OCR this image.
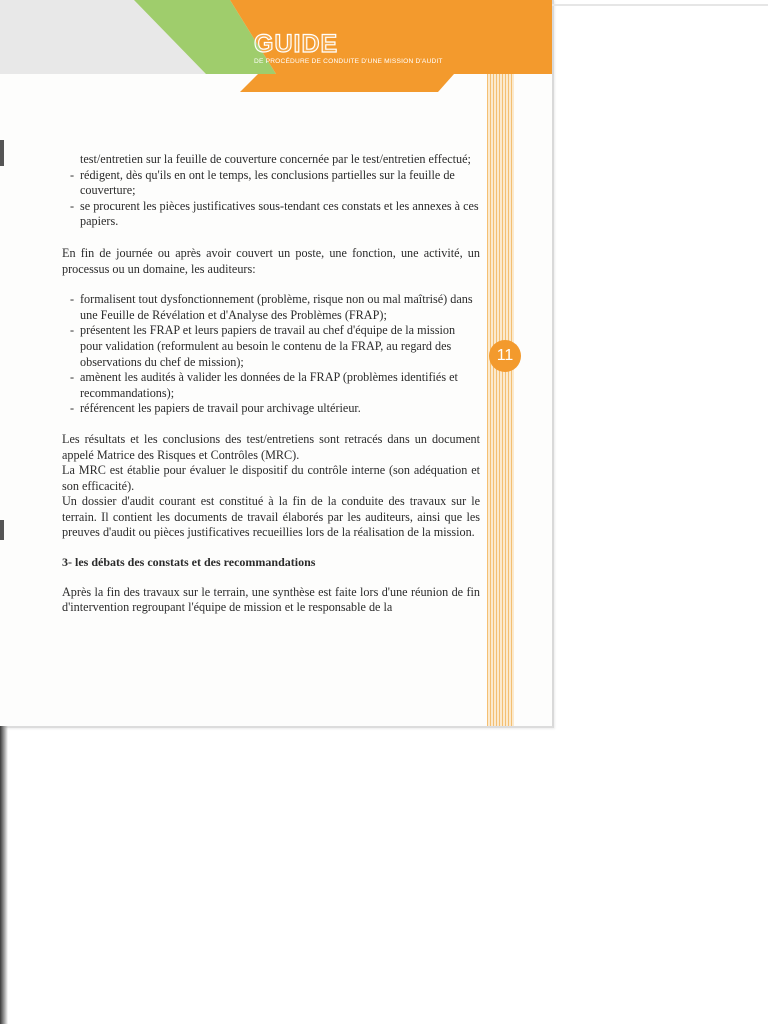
GUIDE
DE PROCÉDURE DE CONDUITE D'UNE MISSION D'AUDIT
11

test/entretien sur la feuille de couverture concernée par le test/entretien effectué;

- rédigent, dès qu'ils en ont le temps, les conclusions partielles sur la feuille de couverture;
- se procurent les pièces justificatives sous-tendant ces constats et les annexes à ces papiers.

En fin de journée ou après avoir couvert un poste, une fonction, une activité, un processus ou un domaine, les auditeurs:

- formalisent tout dysfonctionnement (problème, risque non ou mal maîtrisé) dans une Feuille de Révélation et d'Analyse des Problèmes (FRAP);
- présentent les FRAP et leurs papiers de travail au chef d'équipe de la mission pour validation (reformulent au besoin le contenu de la FRAP, au regard des observations du chef de mission);
- amènent les audités à valider les données de la FRAP (problèmes identifiés et recommandations);
- référencent les papiers de travail pour archivage ultérieur.

Les résultats et les conclusions des test/entretiens sont retracés dans un document appelé Matrice des Risques et Contrôles (MRC).

La MRC est établie pour évaluer le dispositif du contrôle interne (son adéquation et son efficacité).

Un dossier d'audit courant est constitué à la fin de la conduite des travaux sur le terrain. Il contient les documents de travail élaborés par les auditeurs, ainsi que les preuves d'audit ou pièces justificatives recueillies lors de la réalisation de la mission.

3- les débats des constats et des recommandations

Après la fin des travaux sur le terrain, une synthèse est faite lors d'une réunion de fin d'intervention regroupant l'équipe de mission et le responsable de la
